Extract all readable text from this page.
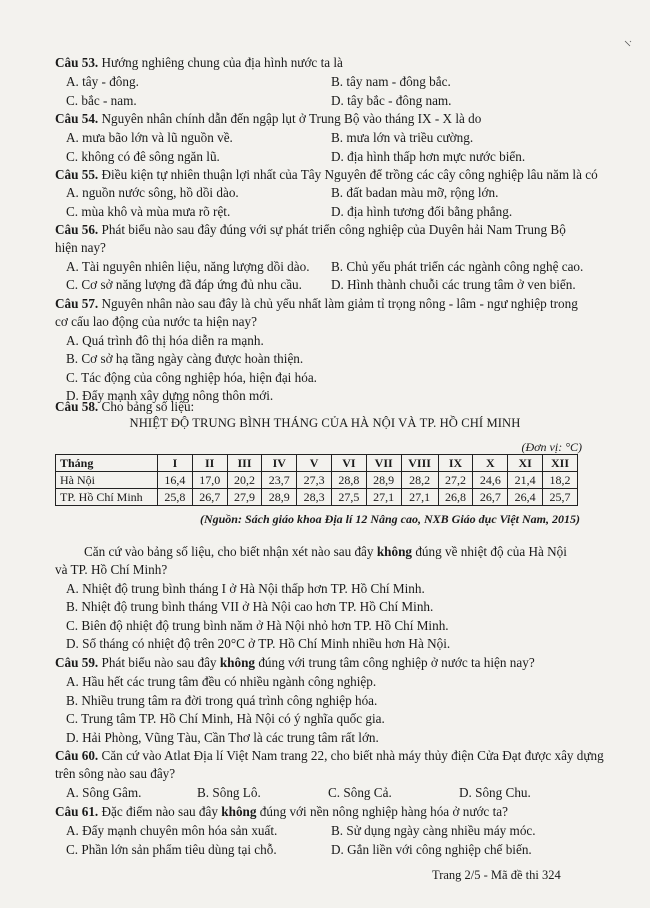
Câu 53. Hướng nghiêng chung của địa hình nước ta là
A. tây - đông.	B. tây nam - đông bắc.
C. bắc - nam.	D. tây bắc - đông nam.
Câu 54. Nguyên nhân chính dẫn đến ngập lụt ở Trung Bộ vào tháng IX - X là do
A. mưa bão lớn và lũ nguồn về.	B. mưa lớn và triều cường.
C. không có đê sông ngăn lũ.	D. địa hình thấp hơn mực nước biển.
Câu 55. Điều kiện tự nhiên thuận lợi nhất của Tây Nguyên để trồng các cây công nghiệp lâu năm là có
A. nguồn nước sông, hồ dồi dào.	B. đất badan màu mỡ, rộng lớn.
C. mùa khô và mùa mưa rõ rệt.	D. địa hình tương đối bằng phẳng.
Câu 56. Phát biểu nào sau đây đúng với sự phát triển công nghiệp của Duyên hải Nam Trung Bộ
hiện nay?
A. Tài nguyên nhiên liệu, năng lượng dồi dào. B. Chủ yếu phát triển các ngành công nghệ cao.
C. Cơ sở năng lượng đã đáp ứng đủ nhu cầu. D. Hình thành chuỗi các trung tâm ở ven biển.
Câu 57. Nguyên nhân nào sau đây là chủ yếu nhất làm giảm tỉ trọng nông - lâm - ngư nghiệp trong
cơ cấu lao động của nước ta hiện nay?
A. Quá trình đô thị hóa diễn ra mạnh.
B. Cơ sở hạ tầng ngày càng được hoàn thiện.
C. Tác động của công nghiệp hóa, hiện đại hóa.
D. Đẩy mạnh xây dựng nông thôn mới.
Câu 58. Cho bảng số liệu:
NHIỆT ĐỘ TRUNG BÌNH THÁNG CỦA HÀ NỘI VÀ TP. HỒ CHÍ MINH
(Đơn vị: °C)
Tháng	I	II	III	IV	V	VI	VII	VIII	IX	X	XI	XII
Hà Nội	16,4	17,0	20,2	23,7	27,3	28,8	28,9	28,2	27,2	24,6	21,4	18,2
TP. Hồ Chí Minh	25,8	26,7	27,9	28,9	28,3	27,5	27,1	27,1	26,8	26,7	26,4	25,7
(Nguồn: Sách giáo khoa Địa lí 12 Nâng cao, NXB Giáo dục Việt Nam, 2015)
Căn cứ vào bảng số liệu, cho biết nhận xét nào sau đây không đúng về nhiệt độ của Hà Nội
và TP. Hồ Chí Minh?
A. Nhiệt độ trung bình tháng I ở Hà Nội thấp hơn TP. Hồ Chí Minh.
B. Nhiệt độ trung bình tháng VII ở Hà Nội cao hơn TP. Hồ Chí Minh.
C. Biên độ nhiệt độ trung bình năm ở Hà Nội nhỏ hơn TP. Hồ Chí Minh.
D. Số tháng có nhiệt độ trên 20°C ở TP. Hồ Chí Minh nhiều hơn Hà Nội.
Câu 59. Phát biểu nào sau đây không đúng với trung tâm công nghiệp ở nước ta hiện nay?
A. Hầu hết các trung tâm đều có nhiều ngành công nghiệp.
B. Nhiều trung tâm ra đời trong quá trình công nghiệp hóa.
C. Trung tâm TP. Hồ Chí Minh, Hà Nội có ý nghĩa quốc gia.
D. Hải Phòng, Vũng Tàu, Cần Thơ là các trung tâm rất lớn.
Câu 60. Căn cứ vào Atlat Địa lí Việt Nam trang 22, cho biết nhà máy thủy điện Cửa Đạt được xây dựng
trên sông nào sau đây?
A. Sông Gâm.	B. Sông Lô.	C. Sông Cả.	D. Sông Chu.
Câu 61. Đặc điểm nào sau đây không đúng với nền nông nghiệp hàng hóa ở nước ta?
A. Đẩy mạnh chuyên môn hóa sản xuất.	B. Sử dụng ngày càng nhiều máy móc.
C. Phần lớn sản phẩm tiêu dùng tại chỗ.	D. Gắn liền với công nghiệp chế biến.
Trang 2/5 - Mã đề thi 324
